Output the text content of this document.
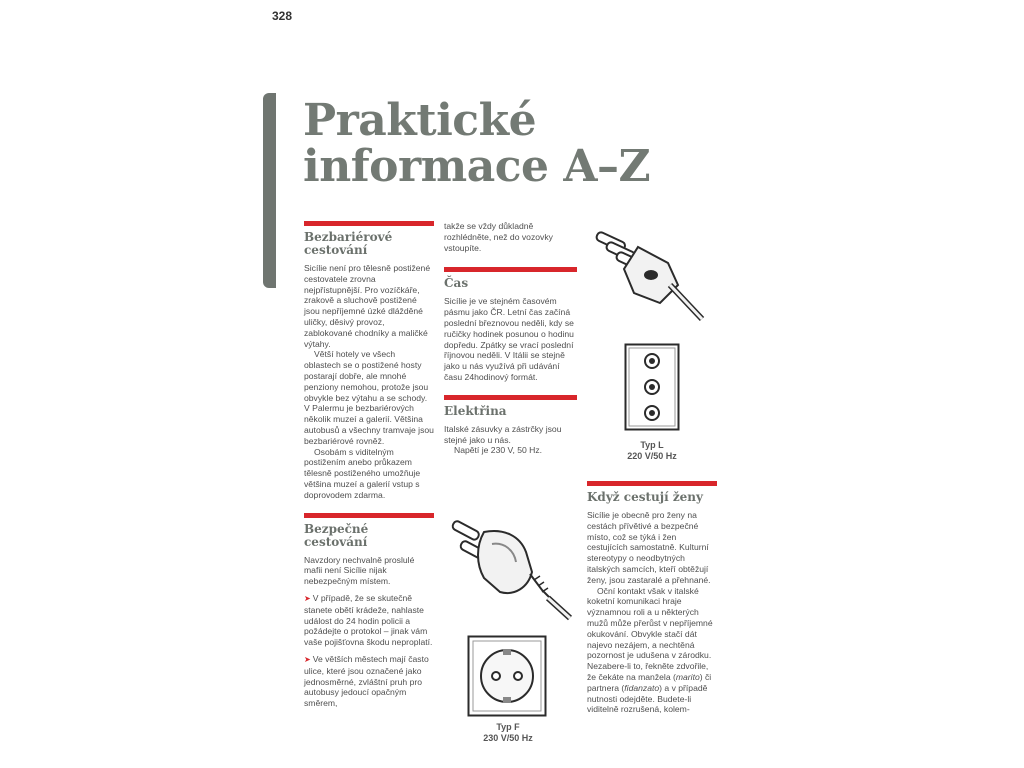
328
Praktické
informace A–Z
Bezbariérové
cestování

Sicílie není pro tělesně postižené cestovatele zrovna nejpřístupnější. Pro vozíčkáře, zrakově a sluchově postižené jsou nepříjemné úzké dlážděné uličky, děsivý provoz, zablokované chodníky a maličké výtahy.

Větší hotely ve všech oblastech se o postižené hosty postarají dobře, ale mnohé penziony nemohou, protože jsou obvykle bez výtahu a se schody. V Palermu je bezbariérových několik muzeí a galerií. Většina autobusů a všechny tramvaje jsou bezbariérové rovněž.

Osobám s viditelným postižením anebo průkazem tělesně postiženého umožňuje většina muzeí a galerií vstup s doprovodem zdarma.

Bezpečné
cestování

Navzdory nechvalně proslulé mafii není Sicílie nijak nebezpečným místem.

➤ V případě, že se skutečně stanete obětí krádeže, nahlaste událost do 24 hodin policii a požádejte o protokol – jinak vám vaše pojišťovna škodu neproplatí.
➤ Ve větších městech mají často ulice, které jsou označené jako jednosměrné, zvláštní pruh pro autobusy jedoucí opačným směrem,

takže se vždy důkladně rozhlédněte, než do vozovky vstoupíte.

Čas

Sicílie je ve stejném časovém pásmu jako ČR. Letní čas začíná poslední březnovou neděli, kdy se ručičky hodinek posunou o hodinu dopředu. Zpátky se vrací poslední říjnovou neděli. V Itálii se stejně jako u nás využívá při udávání času 24hodinový formát.

Elektřina

Italské zásuvky a zástrčky jsou stejné jako u nás.

Napětí je 230 V, 50 Hz.

Když cestují ženy

Sicílie je obecně pro ženy na cestách přívětivé a bezpečné místo, což se týká i žen cestujících samostatně. Kulturní stereotypy o neodbytných italských samcích, kteří obtěžují ženy, jsou zastaralé a přehnané.

Oční kontakt však v italské koketní komunikaci hraje významnou roli a u některých mužů může přerůst v nepříjemné okukování. Obvykle stačí dát najevo nezájem, a nechtěná pozornost je udušena v zárodku. Nezabere-li to, řekněte zdvořile, že čekáte na manžela (marito) či partnera (fidanzato) a v případě nutnosti odejděte. Budete-li viditelně rozrušená, kolem-

Typ L
220 V/50 Hz
Typ F
230 V/50 Hz
